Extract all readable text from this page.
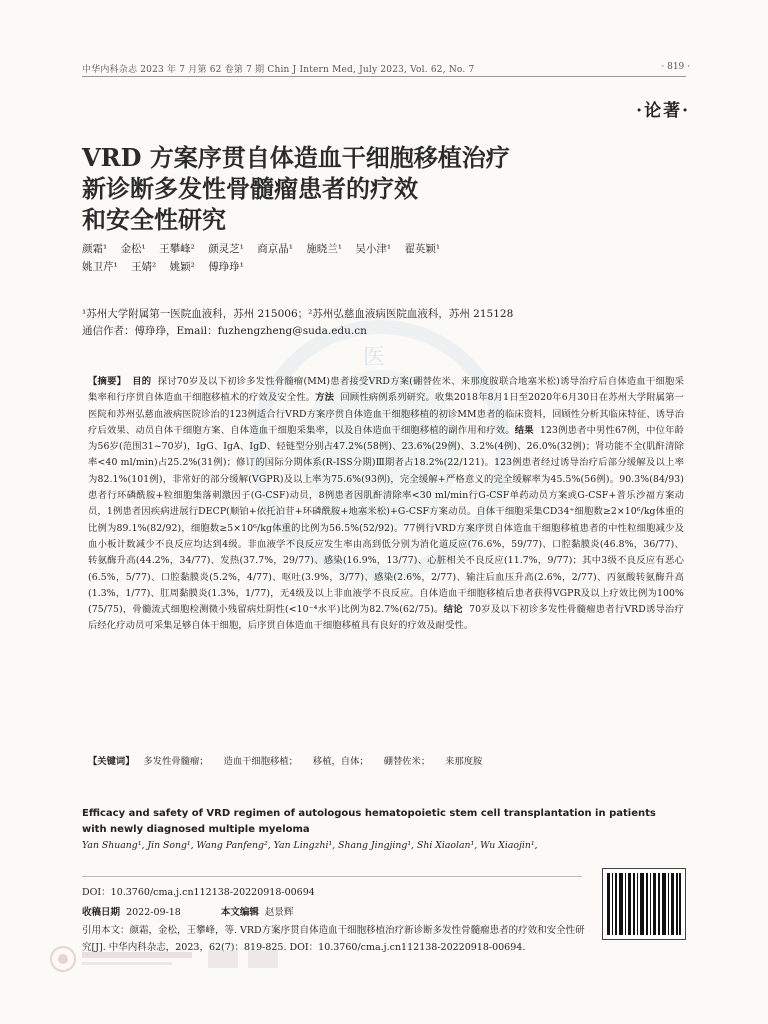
中华内科杂志 2023 年 7 月第 62 卷第 7 期 Chin J Intern Med, July 2023, Vol. 62, No. 7	· 819 ·
·论著·
医
VRD 方案序贯自体造血干细胞移植治疗
新诊断多发性骨髓瘤患者的疗效
和安全性研究
颜霜¹ 金松¹ 王攀峰² 颜灵芝¹ 商京晶¹ 施晓兰¹ 吴小津¹ 翟英颖¹
姚卫芹¹ 王婧² 姚颖² 傅琤琤¹
¹苏州大学附属第一医院血液科，苏州 215006；²苏州弘慈血液病医院血液科，苏州 215128
通信作者：傅琤琤，Email：fuzhengzheng@suda.edu.cn
【摘要】 目的 探讨70岁及以下初诊多发性骨髓瘤(MM)患者接受VRD方案(硼替佐米、来那度胺联合地塞米松)诱导治疗后自体造血干细胞采集率和行序贯自体造血干细胞移植术的疗效及安全性。方法 回顾性病例系列研究。收集2018年8月1日至2020年6月30日在苏州大学附属第一医院和苏州弘慈血液病医院诊治的123例适合行VRD方案序贯自体造血干细胞移植的初诊MM患者的临床资料，回顾性分析其临床特征、诱导治疗后效果、动员自体干细胞方案、自体造血干细胞采集率，以及自体造血干细胞移植的副作用和疗效。结果 123例患者中男性67例，中位年龄为56岁(范围31~70岁)，IgG、IgA、IgD、轻链型分别占47.2%(58例)、23.6%(29例)、3.2%(4例)、26.0%(32例)；肾功能不全(肌酐清除率<40 ml/min)占25.2%(31例)；修订的国际分期体系(R-ISS分期)Ⅲ期者占18.2%(22/121)。123例患者经过诱导治疗后部分缓解及以上率为82.1%(101例)，非常好的部分缓解(VGPR)及以上率为75.6%(93例)，完全缓解+严格意义的完全缓解率为45.5%(56例)。90.3%(84/93)患者行环磷酰胺+粒细胞集落刺激因子(G-CSF)动员，8例患者因肌酐清除率<30 ml/min行G-CSF单药动员方案或G-CSF+普乐沙福方案动员，1例患者因疾病进展行DECP(顺铂+依托泊苷+环磷酰胺+地塞米松)+G-CSF方案动员。自体干细胞采集CD34⁺细胞数≥2×10⁶/kg体重的比例为89.1%(82/92)，细胞数≥5×10⁶/kg体重的比例为56.5%(52/92)。77例行VRD方案序贯自体造血干细胞移植患者的中性粒细胞减少及血小板计数减少不良反应均达到4级。非血液学不良反应发生率由高到低分别为消化道反应(76.6%，59/77)、口腔黏膜炎(46.8%，36/77)、转氨酶升高(44.2%，34/77)、发热(37.7%，29/77)、感染(16.9%，13/77)、心脏相关不良反应(11.7%，9/77)；其中3级不良反应有恶心(6.5%，5/77)、口腔黏膜炎(5.2%，4/77)、呕吐(3.9%，3/77)、感染(2.6%，2/77)、输注后血压升高(2.6%，2/77)、丙氨酸转氨酶升高(1.3%，1/77)、肛周黏膜炎(1.3%，1/77)，无4级及以上非血液学不良反应。自体造血干细胞移植后患者获得VGPR及以上疗效比例为100%(75/75)，骨髓流式细胞检测微小残留病灶阴性(<10⁻⁴水平)比例为82.7%(62/75)。结论 70岁及以下初诊多发性骨髓瘤患者行VRD诱导治疗后经化疗动员可采集足够自体干细胞，后序贯自体造血干细胞移植具有良好的疗效及耐受性。
【关键词】 多发性骨髓瘤； 造血干细胞移植； 移植，自体； 硼替佐米； 来那度胺
Efficacy and safety of VRD regimen of autologous hematopoietic stem cell transplantation in patients with newly diagnosed multiple myeloma
Yan Shuang¹, Jin Song¹, Wang Panfeng², Yan Lingzhi¹, Shang Jingjing¹, Shi Xiaolan¹, Wu Xiaojin¹,
DOI：10.3760/cma.j.cn112138-20220918-00694
收稿日期 2022-09-18	本文编辑 赵景辉
引用本文：颜霜，金松，王攀峰，等. VRD方案序贯自体造血干细胞移植治疗新诊断多发性骨髓瘤患者的疗效和安全性研究[J]. 中华内科杂志，2023，62(7)：819-825. DOI：10.3760/cma.j.cn112138-20220918-00694.
